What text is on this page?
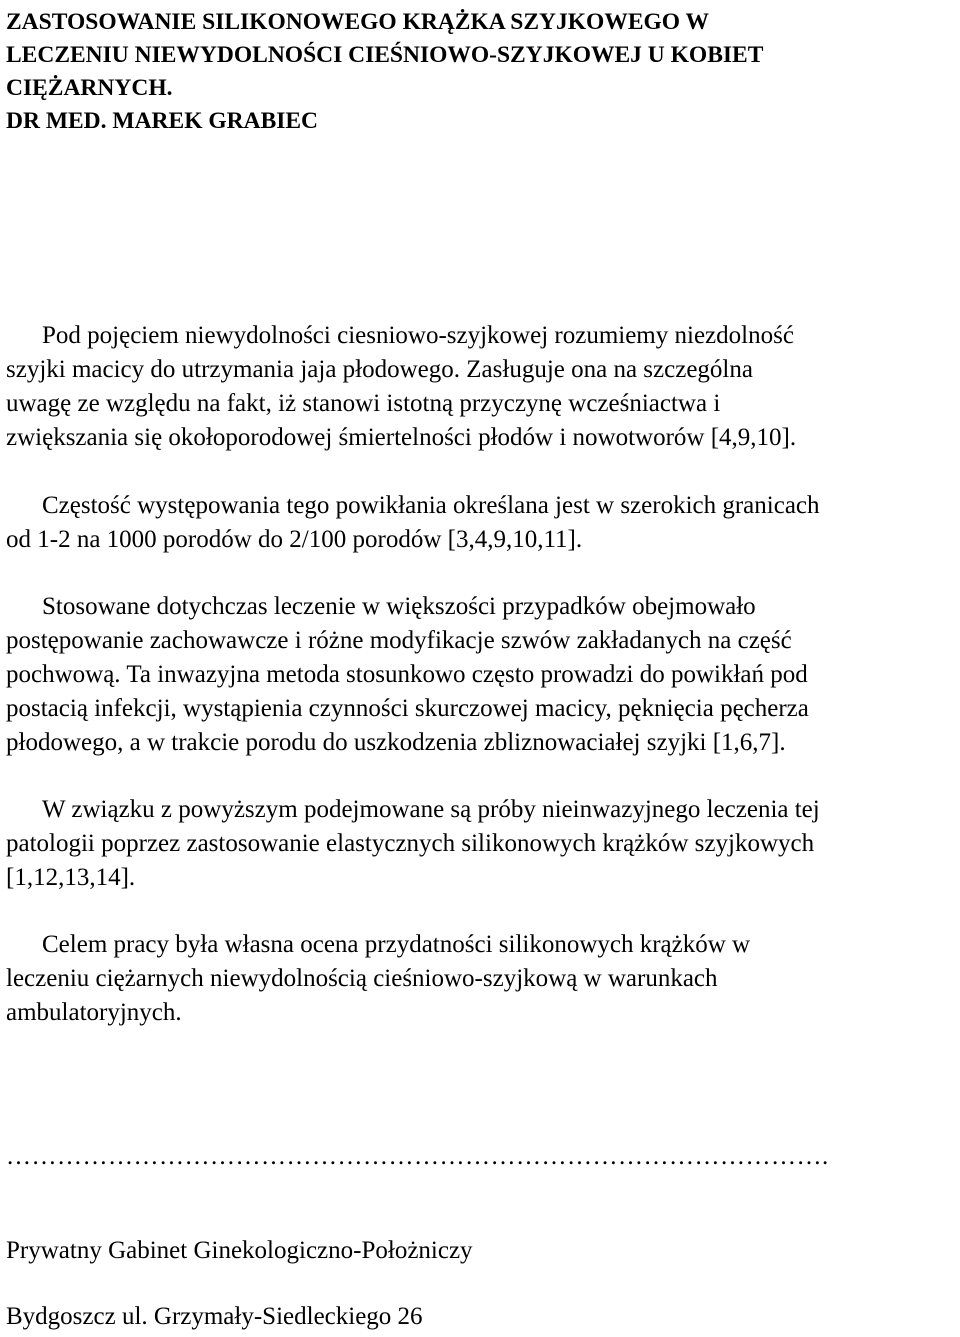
ZASTOSOWANIE SILIKONOWEGO KRĄŻKA SZYJKOWEGO W
LECZENIU NIEWYDOLNOŚCI CIEŚNIOWO-SZYJKOWEJ U KOBIET
CIĘŻARNYCH.
DR MED. MAREK GRABIEC
Pod pojęciem niewydolności ciesniowo-szyjkowej rozumiemy niezdolność
szyjki macicy do utrzymania jaja płodowego. Zasługuje ona na szczególna
uwagę ze względu na fakt, iż stanowi istotną przyczynę wcześniactwa i
zwiększania się okołoporodowej śmiertelności płodów i nowotworów [4,9,10].
Częstość występowania tego powikłania określana jest w szerokich granicach
od 1-2 na 1000 porodów do 2/100 porodów [3,4,9,10,11].
Stosowane dotychczas leczenie w większości przypadków obejmowało
postępowanie zachowawcze i różne modyfikacje szwów zakładanych na część
pochwową. Ta inwazyjna metoda stosunkowo często prowadzi do powikłań pod
postacią infekcji, wystąpienia czynności skurczowej macicy, pęknięcia pęcherza
płodowego, a w trakcie porodu do uszkodzenia zbliznowaciałej szyjki [1,6,7].
W związku z powyższym podejmowane są próby nieinwazyjnego leczenia tej
patologii poprzez zastosowanie elastycznych silikonowych krążków szyjkowych
[1,12,13,14].
Celem pracy była własna ocena przydatności silikonowych krążków w
leczeniu ciężarnych niewydolnością cieśniowo-szyjkową w warunkach
ambulatoryjnych.
…………………………………………………………………………………….
Prywatny Gabinet Ginekologiczno-Położniczy
Bydgoszcz ul. Grzymały-Siedleckiego 26
